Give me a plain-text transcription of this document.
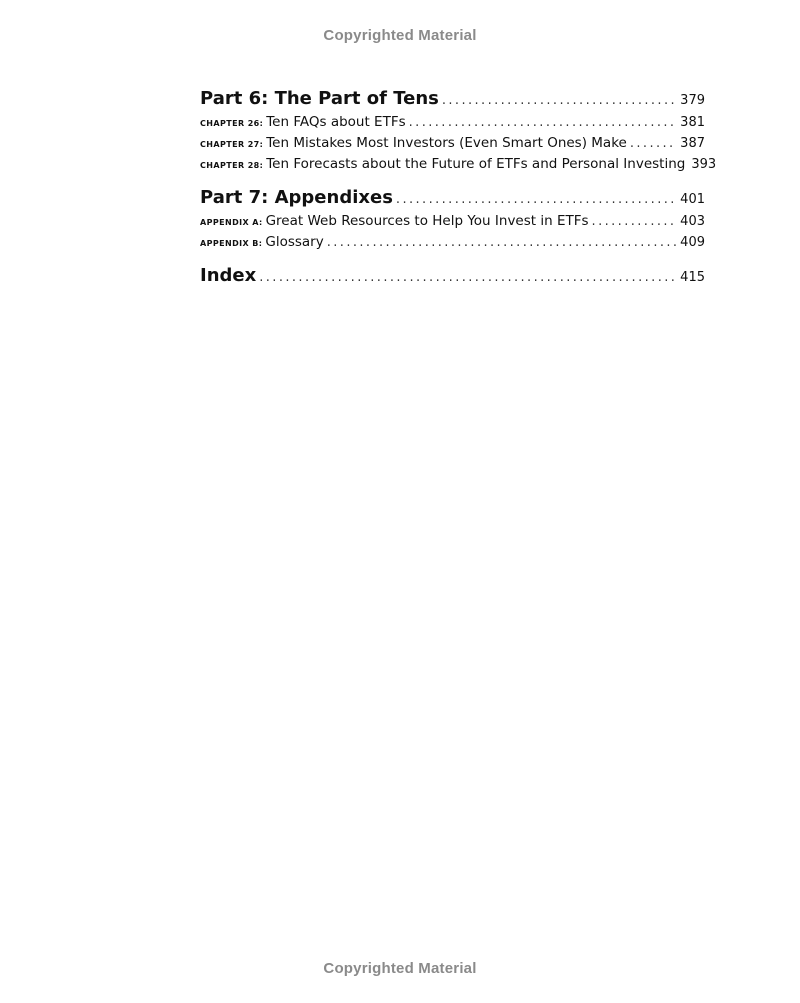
Copyrighted Material
Part 6: The Part of Tens .....	379
CHAPTER 26: Ten FAQs about ETFs .....	381
CHAPTER 27: Ten Mistakes Most Investors (Even Smart Ones) Make .....	387
CHAPTER 28: Ten Forecasts about the Future of ETFs and Personal Investing 393
Part 7: Appendixes .....	401
APPENDIX A: Great Web Resources to Help You Invest in ETFs .....	403
APPENDIX B: Glossary .....	409
Index .....	415
Copyrighted Material
